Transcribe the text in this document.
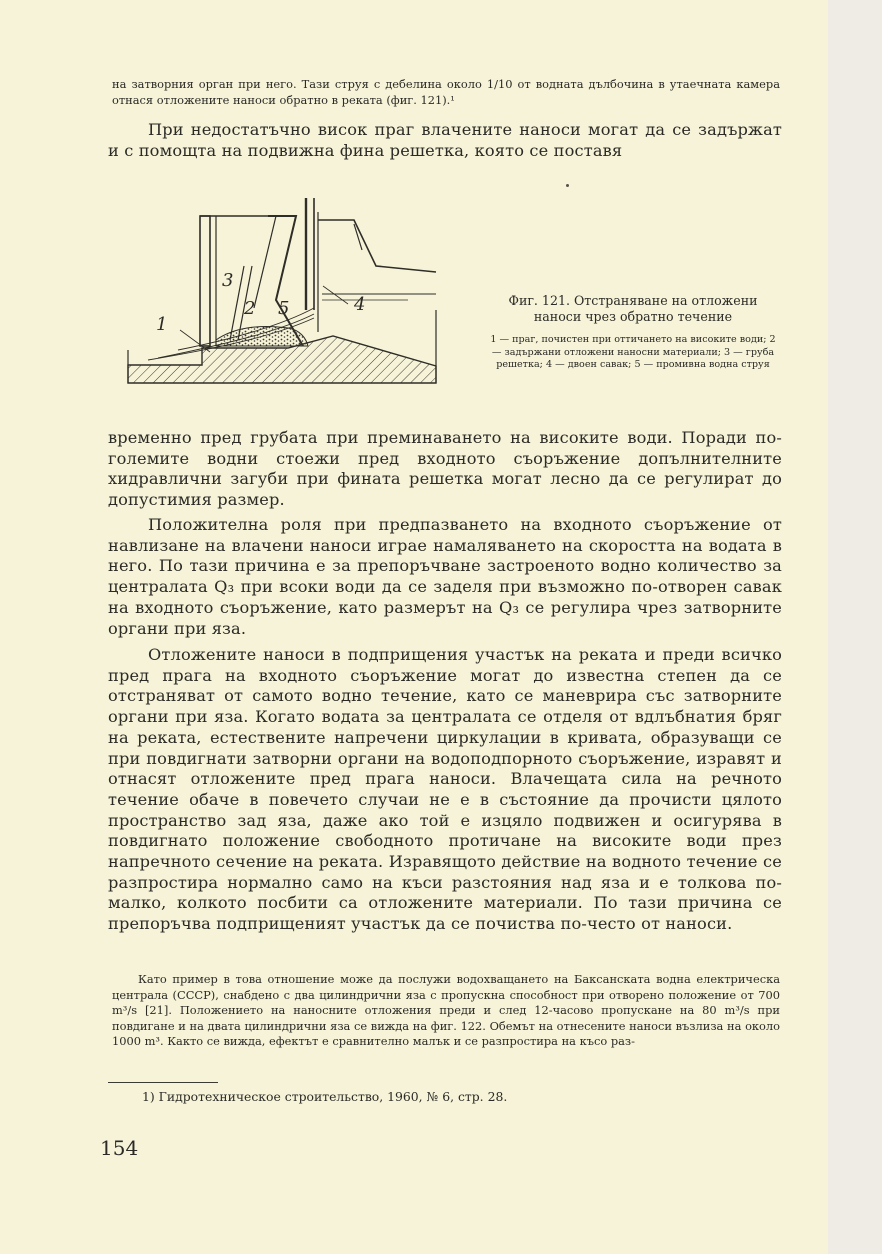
на затворния орган при него. Тази струя с дебелина около 1/10 от водната дълбочина в утаечната камера отнася отложените наноси обратно в реката (фиг. 121).¹
При недостатъчно висок праг влачените наноси могат да се задържат и с помощта на подвижна фина решетка, която се поставя
1
2
3
4
5	Фиг. 121. Отстраняване на отложени наноси чрез обратно течение
1 — праг, почистен при оттичането на високите води; 2 — задържани отложени наносни материали; 3 — груба решетка; 4 — двоен савак; 5 — промивна водна струя
временно пред грубата при преминаването на високите води. Поради по-големите водни стоежи пред входното съоръжение допълнителните хидравлични загуби при фината решетка могат лесно да се регулират до допустимия размер.
Положителна роля при предпазването на входното съоръжение от навлизане на влачени наноси играе намаляването на скоростта на водата в него. По тази причина е за препоръчване застроеното водно количество за централата Q₃ при всоки води да се заделя при възможно по-отворен савак на входното съоръжение, като размерът на Q₃ се регулира чрез затворните органи при яза.
Отложените наноси в подприщения участък на реката и преди всичко пред прага на входното съоръжение могат до известна степен да се отстраняват от самото водно течение, като се маневрира със затворните органи при яза. Когато водата за централата се отделя от вдлъбнатия бряг на реката, естествените напречени циркулации в кривата, образуващи се при повдигнати затворни органи на водоподпорното съоръжение, изравят и отнасят отложените пред прага наноси. Влачещата сила на речното течение обаче в повечето случаи не е в състояние да прочисти цялото пространство зад яза, даже ако той е изцяло подвижен и осигурява в повдигнато положение свободното протичане на високите води през напречното сечение на реката. Изравящото действие на водното течение се разпростира нормално само на къси разстояния над яза и е толкова по-малко, колкото посбити са отложените материали. По тази причина се препоръчва подприщеният участък да се почиства по-често от наноси.
Като пример в това отношение може да послужи водохващането на Баксанската водна електрическа централа (СССР), снабдено с два цилиндрични яза с пропускна способност при отворено положение от 700 m³/s [21]. Положението на наносните отложения преди и след 12-часово пропускане на 80 m³/s при повдигане и на двата цилиндрични яза се вижда на фиг. 122. Обемът на отнесените наноси възлиза на около 1000 m³. Както се вижда, ефектът е сравнително малък и се разпростира на късо раз-
1) Гидротехническое строительство, 1960, № 6, стр. 28.
154
